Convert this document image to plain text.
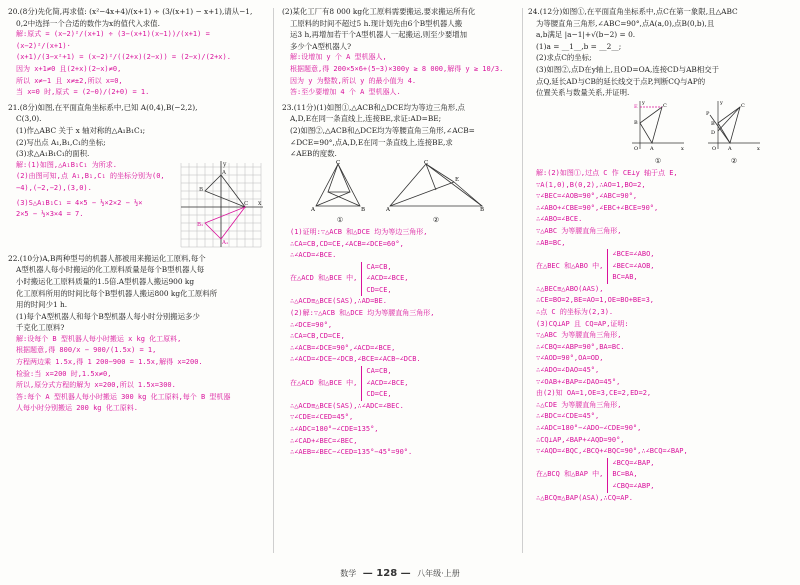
20.(8分)先化简,再求值: (x²−4x+4)/(x+1) ÷ (3/(x+1) − x+1),请从−1,

0,2中选择一个合适的数作为x的值代入求值.

解:原式 = (x−2)²/(x+1) ÷ (3−(x+1)(x−1))/(x+1) = (x−2)²/(x+1)·

(x+1)/(3−x²+1) = (x−2)²/((2+x)(2−x)) = (2−x)/(2+x).

因为 x+1≠0 且(2+x)(2−x)≠0,

所以 x≠−1 且 x≠±2,所以 x=0,

当 x=0 时,原式 = (2−0)/(2+0) = 1.

21.(8分)如图,在平面直角坐标系中,已知 A(0,4),B(−2,2),

C(3,0).

(1)作△ABC 关于 x 轴对称的△A₁B₁C₁;

(2)写出点 A₁,B₁,C₁的坐标;

(3)求△A₁B₁C₁的面积.

解:(1)如图,△A₁B₁C₁ 为所求.

(2)由图可知,点 A₁,B₁,C₁ 的坐标分别为(0,

−4),(−2,−2),(3,0).

(3)S△A₁B₁C₁ = 4×5 − ½×2×2 − ½×

2×5 − ½×3×4 = 7.

y
x
A
B
C
A₁
B₁

22.(10分)A,B两种型号的机器人都被用来搬运化工原料,每个

A型机器人每小时搬运的化工原料质量是每个B型机器人每

小时搬运化工原料质量的1.5倍.A型机器人搬运900 kg

化工原料所用的时间比每个B型机器人搬运800 kg化工原料所

用的时间少1 h.

(1)每个A型机器人和每个B型机器人每小时分别搬运多少

千克化工原料?

解:设每个 B 型机器人每小时搬运 x kg 化工原料,

根据题意,得 800/x − 900/(1.5x) = 1,

方程两边乘 1.5x,得 1 200−900 = 1.5x,解得 x=200.

检验:当 x=200 时,1.5x≠0,

所以,原分式方程的解为 x=200,所以 1.5x=300.

答:每个 A 型机器人每小时搬运 300 kg 化工原料,每个 B 型机器

人每小时分别搬运 200 kg 化工原料.

(2)某化工厂有8 000 kg化工原料需要搬运,要求搬运所有化

工原料的时间不超过5 h.现计划先由6个B型机器人搬

运3 h,再增加若干个A型机器人一起搬运,则至少要增加

多少个A型机器人?

解:设增加 y 个 A 型机器人,

根据题意,得 200×5×6+(5−3)×300y ≥ 8 000,解得 y ≥ 10/3.

因为 y 为整数,所以 y 的最小值为 4.

答:至少要增加 4 个 A 型机器人.

23.(11分)(1)如图①,△ACB和△DCE均为等边三角形,点

A,D,E在同一条直线上,连接BE,求证:AD=BE;

(2)如图②,△ACB和△DCE均为等腰直角三角形,∠ACB=

∠DCE=90°,点A,D,E在同一条直线上,连接BE,求

∠AEB的度数.

C
A	B
①
C
A	B
E
②

(1)证明:∵△ACB 和△DCE 均为等边三角形,

∴CA=CB,CD=CE,∠ACB=∠DCE=60°,

∴∠ACD=∠BCE.

在△ACD 和△BCE 中,
CA=CB,
∠ACD=∠BCE,
CD=CE,

∴△ACD≌△BCE(SAS),∴AD=BE.

(2)解:∵△ACB 和△DCE 均为等腰直角三角形,

∴∠DCE=90°,

∴CA=CB,CD=CE,

∴∠ACB=∠DCE=90°,∠ACD=∠BCE,

∴∠ACD=∠DCE−∠DCB,∠BCE=∠ACB−∠DCB.

在△ACD 和△BCE 中,
CA=CB,
∠ACD=∠BCE,
CD=CE,

∴△ACD≌△BCE(SAS),∴∠ADC=∠BEC.

∵∠CDE=∠CED=45°,

∴∠ADC=180°−∠CDE=135°,

∴∠CAD+∠BEC=∠BEC,

∴∠AEB=∠BEC−∠CED=135°−45°=90°.

24.(12分)如图①,在平面直角坐标系中,点C在第一象限,且△ABC

为等腰直角三角形,∠ABC=90°,点A(a,0),点B(0,b),且

a,b满足 |a−1|+√(b−2) = 0.

(1)a = __1__,b = __2__;

(2)求点C的坐标;

(3)如图②,点D在y轴上,且OD=OA,连接CD与AB相交于

点Q,延长AD与CB的延长线交于点P,判断CQ与AP的

位置关系与数量关系,并证明.

y
x
C
B
A
O
E
①
y
x
C
P
B
A
D
O
②

解:(2)如图①,过点 C 作 CE⊥y 轴于点 E,

∵A(1,0),B(0,2),∴AO=1,BO=2,

∵∠BEC=∠AOB=90°,∠ABC=90°,

∴∠ABO+∠CBE=90°,∠EBC+∠BCE=90°,

∴∠ABO=∠BCE.

∵△ABC 为等腰直角三角形,

∴AB=BC,

在△BEC 和△ABO 中,
∠BCE=∠ABO,
∠BEC=∠AOB,
BC=AB,

∴△BEC≌△ABO(AAS),

∴CE=BO=2,BE=AO=1,OE=BO+BE=3,

∴点 C 的坐标为(2,3).

(3)CQ⊥AP 且 CQ=AP,证明:

∵△ABC 为等腰直角三角形,

∴∠CBQ=∠ABP=90°,BA=BC.

∵∠AOD=90°,OA=OD,

∴∠ADO=∠DAO=45°,

∵∠OAB+∠BAP=∠DAO=45°,

由(2)知 OA=1,OE=3,CE=2,ED=2,

∴△CDE 为等腰直角三角形,

∴∠BDC=∠CDE=45°,

∴∠ADC=180°−∠ADO−∠CDE=90°,

∴CQ⊥AP,∠BAP+∠AQD=90°,

∵∠AQD=∠BQC,∠BCQ+∠BQC=90°,∴∠BCQ=∠BAP,

在△BCQ 和△BAP 中,
∠BCQ=∠BAP,
BC=BA,
∠CBQ=∠ABP,

∴△BCQ≌△BAP(ASA),∴CQ=AP.

数学 — 128 — 八年级·上册
